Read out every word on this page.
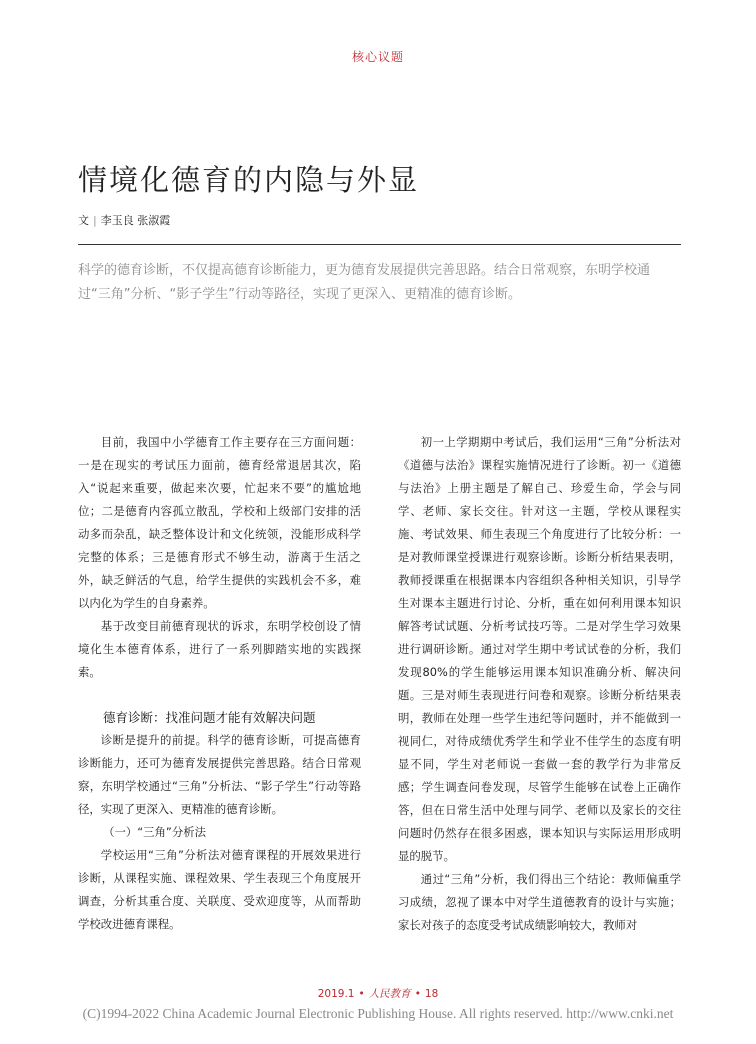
核心议题
情境化德育的内隐与外显
文 | 李玉良 张淑霞

科学的德育诊断，不仅提高德育诊断能力，更为德育发展提供完善思路。结合日常观察，东明学校通过“三角”分析、“影子学生”行动等路径，实现了更深入、更精准的德育诊断。

目前，我国中小学德育工作主要存在三方面问题：一是在现实的考试压力面前，德育经常退居其次，陷入“说起来重要，做起来次要，忙起来不要”的尴尬地位；二是德育内容孤立散乱，学校和上级部门安排的活动多而杂乱，缺乏整体设计和文化统领，没能形成科学完整的体系；三是德育形式不够生动，游离于生活之外，缺乏鲜活的气息，给学生提供的实践机会不多，难以内化为学生的自身素养。

基于改变目前德育现状的诉求，东明学校创设了情境化生本德育体系，进行了一系列脚踏实地的实践探索。

德育诊断：找准问题才能有效解决问题

诊断是提升的前提。科学的德育诊断，可提高德育诊断能力，还可为德育发展提供完善思路。结合日常观察，东明学校通过“三角”分析法、“影子学生”行动等路径，实现了更深入、更精准的德育诊断。

（一）“三角”分析法

学校运用“三角”分析法对德育课程的开展效果进行诊断，从课程实施、课程效果、学生表现三个角度展开调查，分析其重合度、关联度、受欢迎度等，从而帮助学校改进德育课程。

初一上学期期中考试后，我们运用“三角”分析法对《道德与法治》课程实施情况进行了诊断。初一《道德与法治》上册主题是了解自己、珍爱生命，学会与同学、老师、家长交往。针对这一主题，学校从课程实施、考试效果、师生表现三个角度进行了比较分析：一是对教师课堂授课进行观察诊断。诊断分析结果表明，教师授课重在根据课本内容组织各种相关知识，引导学生对课本主题进行讨论、分析，重在如何利用课本知识解答考试试题、分析考试技巧等。二是对学生学习效果进行调研诊断。通过对学生期中考试试卷的分析，我们发现80%的学生能够运用课本知识准确分析、解决问题。三是对师生表现进行问卷和观察。诊断分析结果表明，教师在处理一些学生违纪等问题时，并不能做到一视同仁，对待成绩优秀学生和学业不佳学生的态度有明显不同，学生对老师说一套做一套的教学行为非常反感；学生调查问卷发现，尽管学生能够在试卷上正确作答，但在日常生活中处理与同学、老师以及家长的交往问题时仍然存在很多困惑，课本知识与实际运用形成明显的脱节。

通过“三角”分析，我们得出三个结论：教师偏重学习成绩，忽视了课本中对学生道德教育的设计与实施；家长对孩子的态度受考试成绩影响较大，教师对

2019.1 • 人民教育 • 18
(C)1994-2022 China Academic Journal Electronic Publishing House. All rights reserved. http://www.cnki.net
